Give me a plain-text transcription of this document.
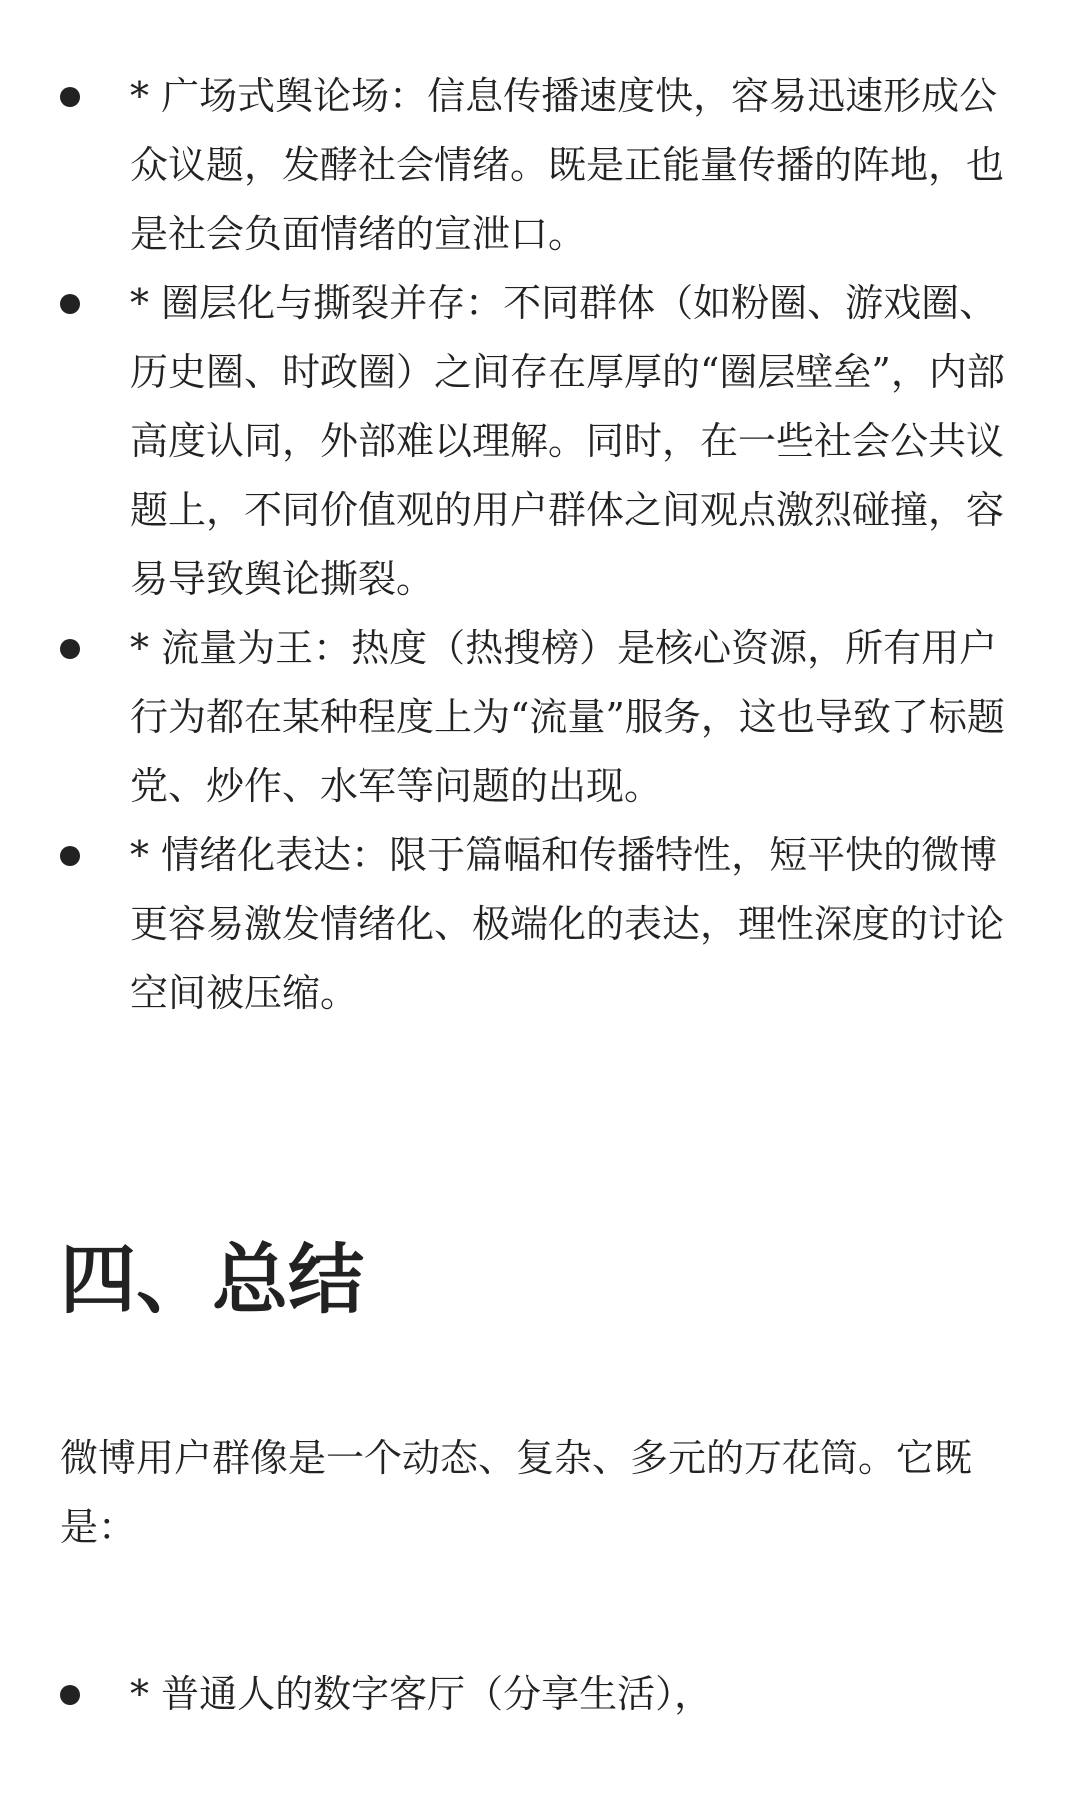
* 广场式舆论场：信息传播速度快，容易迅速形成公众议题，发酵社会情绪。既是正能量传播的阵地，也是社会负面情绪的宣泄口。
* 圈层化与撕裂并存：不同群体（如粉圈、游戏圈、历史圈、时政圈）之间存在厚厚的“圈层壁垒”，内部高度认同，外部难以理解。同时，在一些社会公共议题上，不同价值观的用户群体之间观点激烈碰撞，容易导致舆论撕裂。
* 流量为王：热度（热搜榜）是核心资源，所有用户行为都在某种程度上为“流量”服务，这也导致了标题党、炒作、水军等问题的出现。
* 情绪化表达：限于篇幅和传播特性，短平快的微博更容易激发情绪化、极端化的表达，理性深度的讨论空间被压缩。
四、总结

微博用户群像是一个动态、复杂、多元的万花筒。它既是：

* 普通人的数字客厅（分享生活），
